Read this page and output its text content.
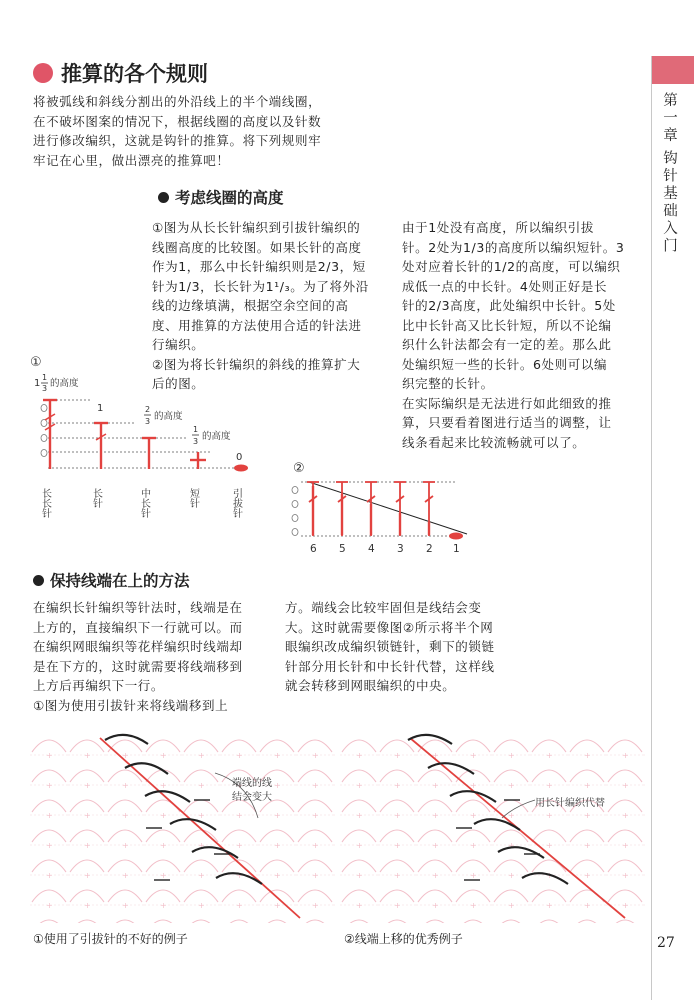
第一章
钩针基础入门
27
推算的各个规则
将被弧线和斜线分割出的外沿线上的半个端线圈，
在不破坏图案的情况下，根据线圈的高度以及针数
进行修改编织，这就是钩针的推算。将下列规则牢
牢记在心里，做出漂亮的推算吧！
考虑线圈的高度
①图为从长长针编织到引拔针编织的
线圈高度的比较图。如果长针的高度
作为1，那么中长针编织则是2/3，短
针为1/3，长长针为1¹/₃。为了将外沿
线的边缘填满，根据空余空间的高
度、用推算的方法使用合适的针法进
行编织。
②图为将长针编织的斜线的推算扩大
后的图。
由于1处没有高度，所以编织引拔
针。2处为1/3的高度所以编织短针。3
处对应着长针的1/2的高度，可以编织
成低一点的中长针。4处则正好是长
针的2/3高度，此处编织中长针。5处
比中长针高又比长针短，所以不论编
织什么针法都会有一定的差。那么此
处编织短一些的长针。6处则可以编
织完整的长针。
在实际编织是无法进行如此细致的推
算，只要看着图进行适当的调整，让
线条看起来比较流畅就可以了。
①
1
1
3 的高度
1	2
3 的高度
1
3 的高度
0
长长针	长针	中长针	短针	引拔针
②
6 5 4 3 2 1
保持线端在上的方法
在编织长针编织等针法时，线端是在
上方的，直接编织下一行就可以。而
在编织网眼编织等花样编织时线端却
是在下方的，这时就需要将线端移到
上方后再编织下一行。
①图为使用引拔针来将线端移到上
方。端线会比较牢固但是线结会变
大。这时就需要像图②所示将半个网
眼编织改成编织锁链针，剩下的锁链
针部分用长针和中长针代替，这样线
就会转移到网眼编织的中央。
端线的线
结会变大
①使用了引拔针的不好的例子
用长针编织代替
②线端上移的优秀例子
